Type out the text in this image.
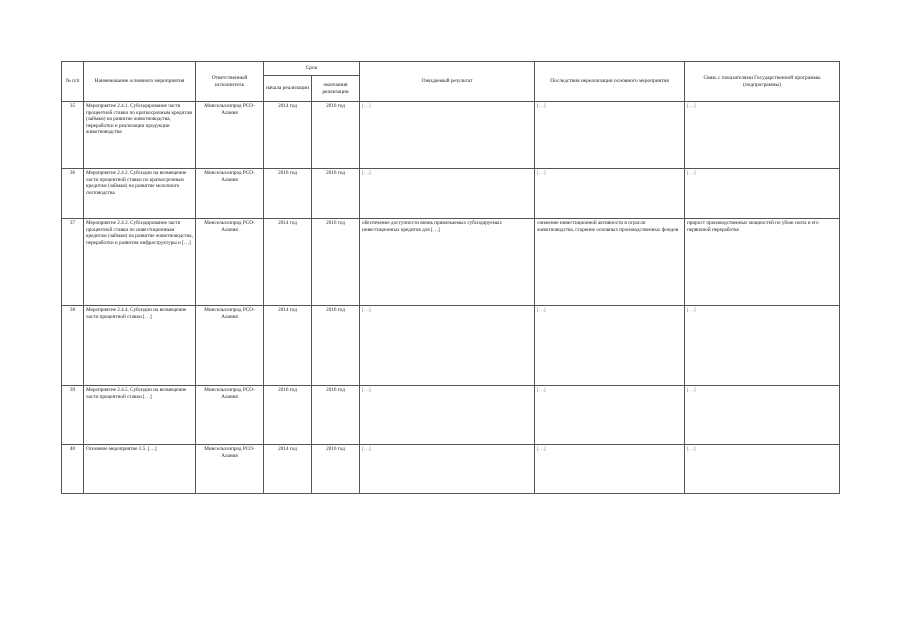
№ п/п	Наименование основного мероприятия	Ответственный исполнитель	Срок		Ожидаемый результат	Последствия нереализации основного мероприятия	Связь с показателями Государственной программы (подпрограммы)
			начала реализации	окончания реализации			
35	Мероприятие 2.4.1. Субсидирование части процентной ставки по краткосрочным кредитам (займам) на развитие животноводства, переработки и реализации продукции животноводства	Минсельхозпрод РСО-Алания	2014 год	2016 год	[…]	[…]	[…]
36	Мероприятие 2.4.2. Субсидии на возмещение части процентной ставки по краткосрочным кредитам (займам) на развитие молочного скотоводства	Минсельхозпрод РСО-Алания	2016 год	2016 год	[…]	[…]	[…]
37	Мероприятие 2.4.3. Субсидирование части процентной ставки по инвестиционным кредитам (займам) на развитие животноводства, переработки и развития инфраструктуры и […]	Минсельхозпрод РСО-Алания	2014 год	2016 год	обеспечение доступности вновь привлекаемых субсидируемых инвестиционных кредитов для […]	снижение инвестиционной активности в отрасли животноводства, старение основных производственных фондов	прирост производственных мощностей по убою скота и его первичной переработке
38	Мероприятие 2.4.4. Субсидии на возмещение части процентной ставки […]	Минсельхозпрод РСО-Алания	2014 год	2016 год	[…]	[…]	[…]
39	Мероприятие 2.4.5. Субсидии на возмещение части процентной ставки […]	Минсельхозпрод РСО-Алания	2016 год	2016 год	[…]	[…]	[…]
40	Основное мероприятие 2.5. […]	Минсельхозпрод РСО-Алания	2014 год	2016 год	[…]	[…]	[…]
